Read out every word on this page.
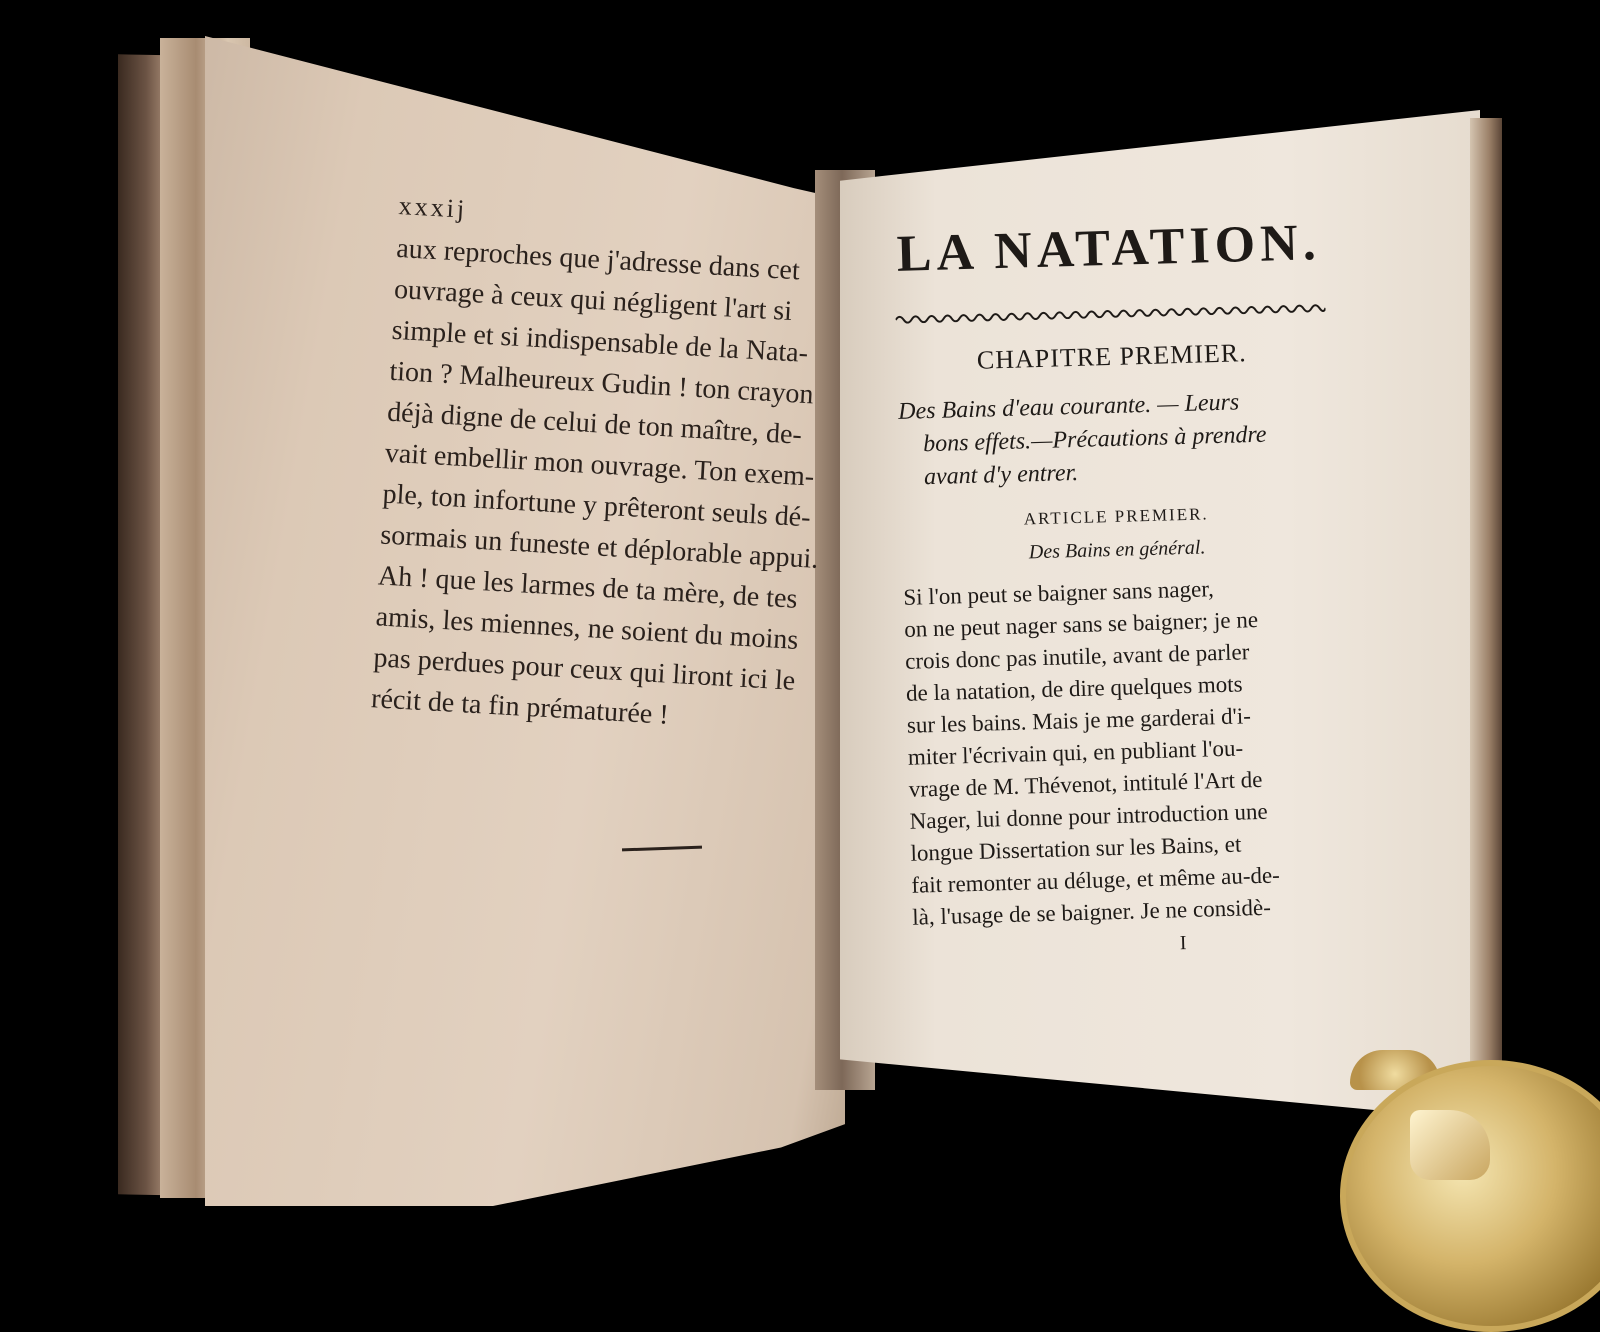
xxxij
aux reproches que j'adresse dans cet
ouvrage à ceux qui négligent l'art si
simple et si indispensable de la Nata-
tion ? Malheureux Gudin ! ton crayon
déjà digne de celui de ton maître, de-
vait embellir mon ouvrage. Ton exem-
ple, ton infortune y prêteront seuls dé-
sormais un funeste et déplorable appui.
Ah ! que les larmes de ta mère, de tes
amis, les miennes, ne soient du moins
pas perdues pour ceux qui liront ici le
récit de ta fin prématurée !
LA NATATION.
CHAPITRE PREMIER.
Des Bains d'eau courante. — Leurs
bons effets.—Précautions à prendre
avant d'y entrer.
ARTICLE PREMIER.
Des Bains en général.
Si l'on peut se baigner sans nager,
on ne peut nager sans se baigner; je ne
crois donc pas inutile, avant de parler
de la natation, de dire quelques mots
sur les bains. Mais je me garderai d'i-
miter l'écrivain qui, en publiant l'ou-
vrage de M. Thévenot, intitulé l'Art de
Nager, lui donne pour introduction une
longue Dissertation sur les Bains, et
fait remonter au déluge, et même au-de-
là, l'usage de se baigner. Je ne considè-
I
